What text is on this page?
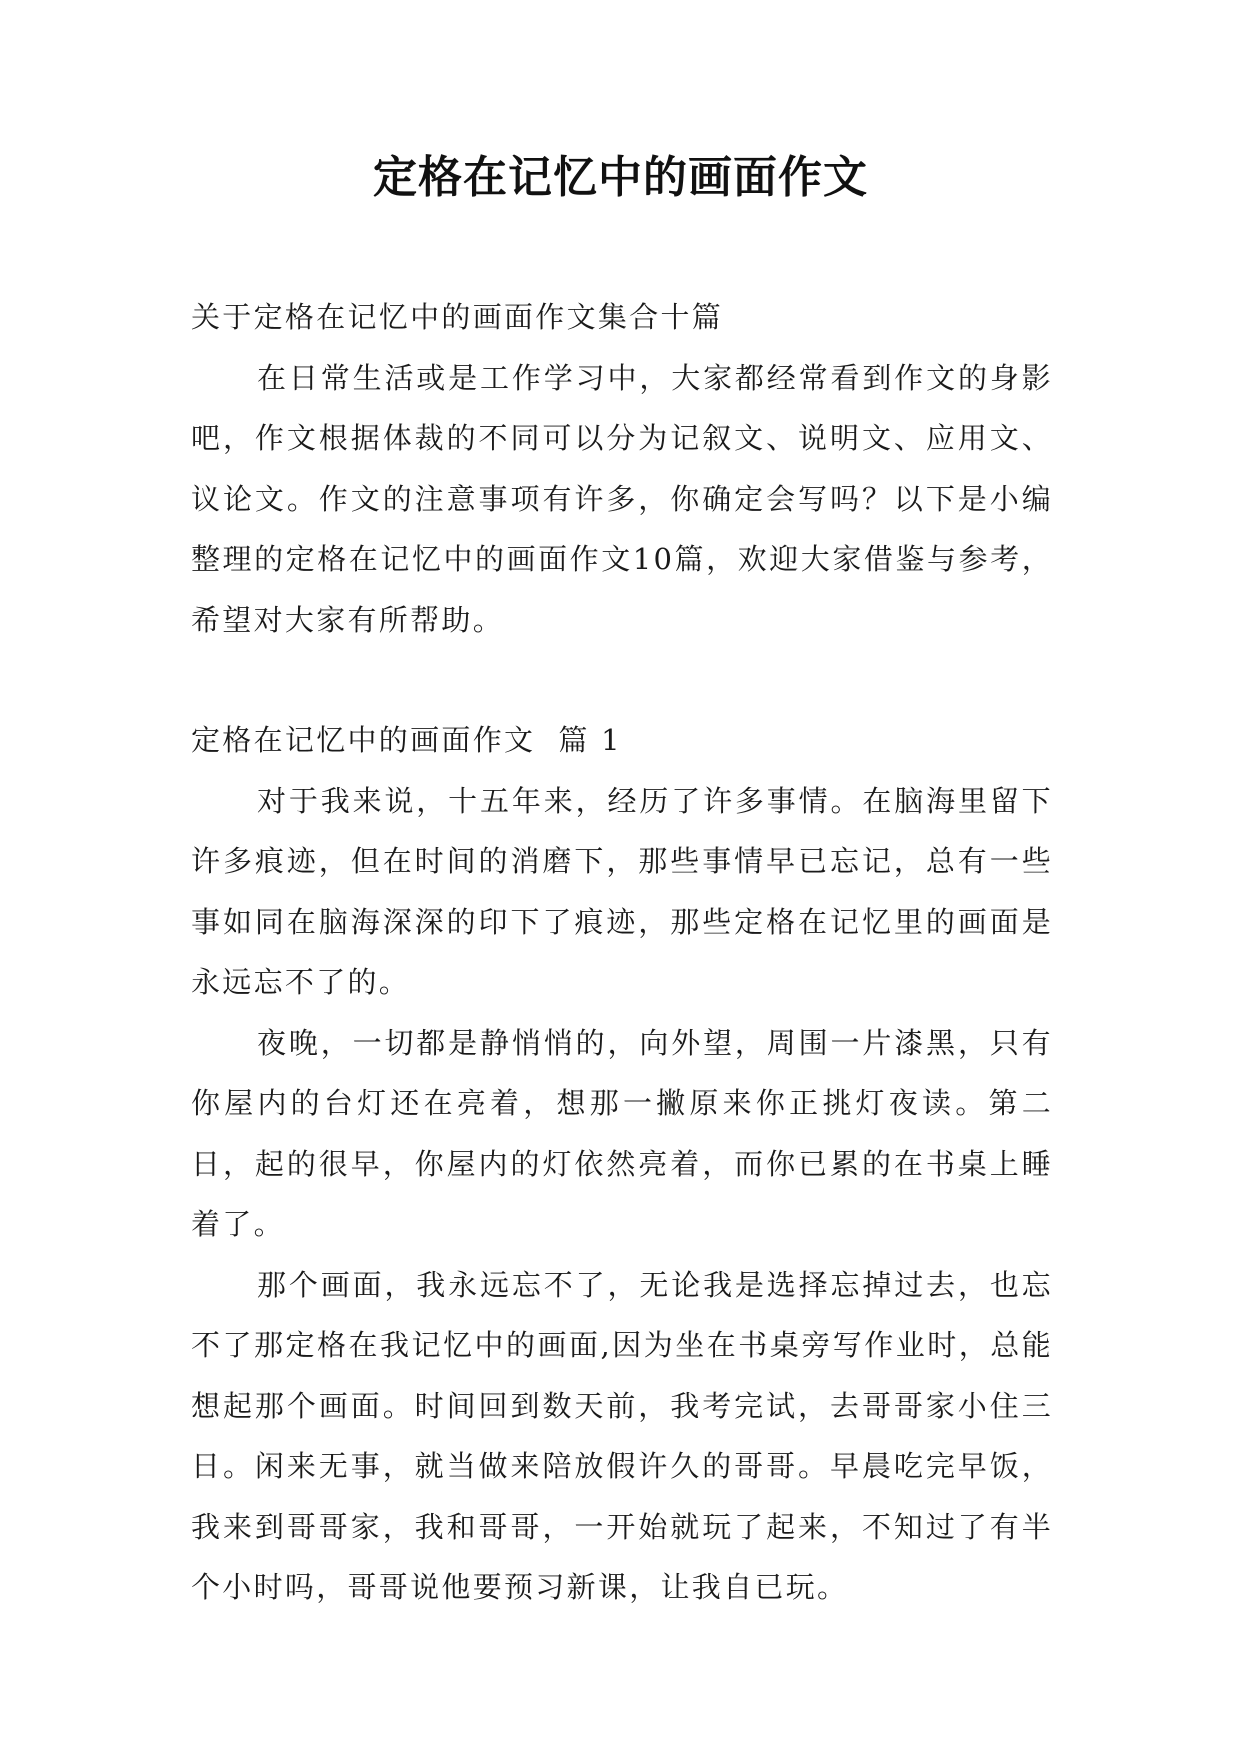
定格在记忆中的画面作文

关于定格在记忆中的画面作文集合十篇

在日常生活或是工作学习中，大家都经常看到作文的身影吧，作文根据体裁的不同可以分为记叙文、说明文、应用文、议论文。作文的注意事项有许多，你确定会写吗？以下是小编整理的定格在记忆中的画面作文10篇，欢迎大家借鉴与参考，希望对大家有所帮助。

定格在记忆中的画面作文  篇 1

对于我来说，十五年来，经历了许多事情。在脑海里留下许多痕迹，但在时间的消磨下，那些事情早已忘记，总有一些事如同在脑海深深的印下了痕迹，那些定格在记忆里的画面是永远忘不了的。

夜晚，一切都是静悄悄的，向外望，周围一片漆黑，只有你屋内的台灯还在亮着，想那一撇原来你正挑灯夜读。第二日，起的很早，你屋内的灯依然亮着，而你已累的在书桌上睡着了。

那个画面，我永远忘不了，无论我是选择忘掉过去，也忘不了那定格在我记忆中的画面,因为坐在书桌旁写作业时，总能想起那个画面。时间回到数天前，我考完试，去哥哥家小住三日。闲来无事，就当做来陪放假许久的哥哥。早晨吃完早饭，我来到哥哥家，我和哥哥，一开始就玩了起来，不知过了有半个小时吗，哥哥说他要预习新课，让我自已玩。
